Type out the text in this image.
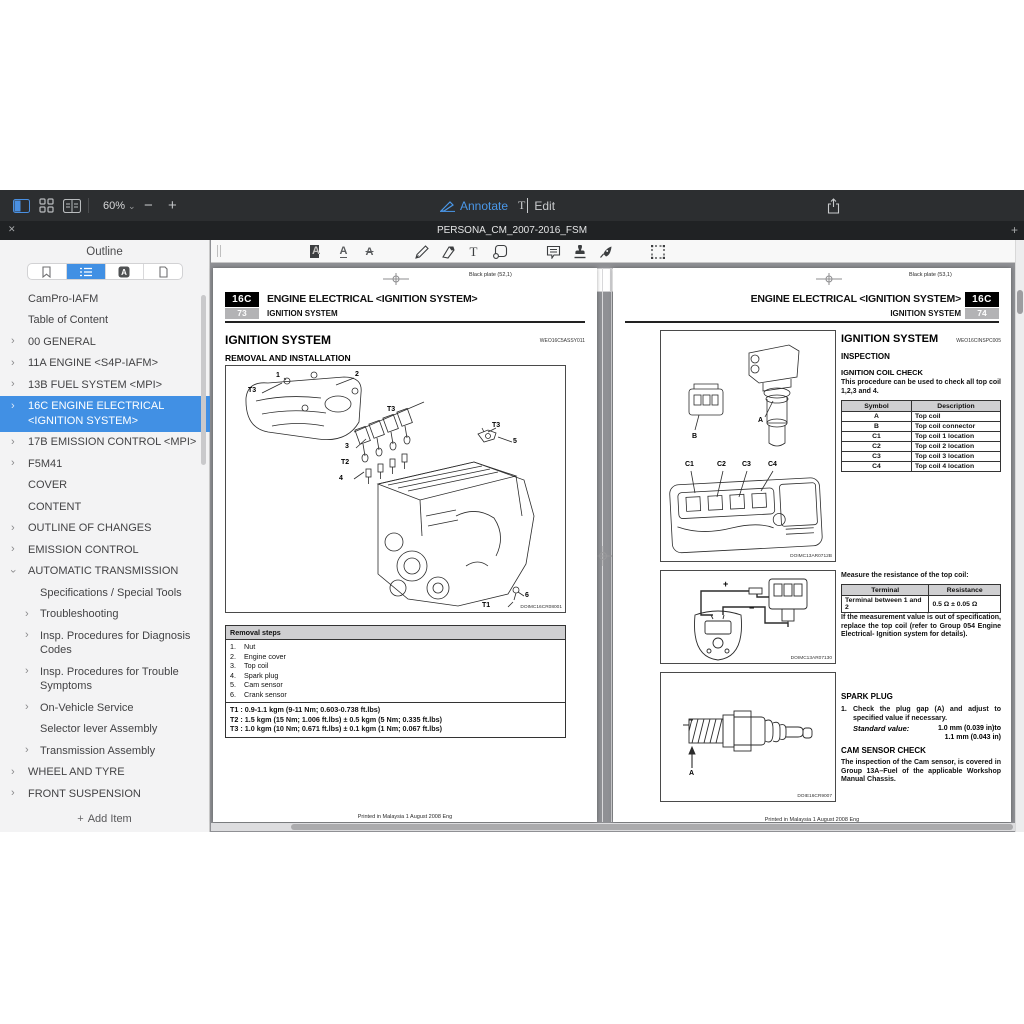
60% ⌄ − +	Annotate T Edit
✕	PERSONA_CM_2007-2016_FSM	+
Outline
A
CamPro-IAFM
Table of Content
› 00 GENERAL
› 11A ENGINE <S4P-IAFM>
› 13B FUEL SYSTEM <MPI>
› 16C ENGINE ELECTRICAL <IGNITION SYSTEM>
› 17B EMISSION CONTROL <MPI>
› F5M41
COVER
CONTENT
› OUTLINE OF CHANGES
› EMISSION CONTROL
› AUTOMATIC TRANSMISSION
Specifications / Special Tools
› Troubleshooting
› Insp. Procedures for Diagnosis Codes
› Insp. Procedures for Trouble Symptoms
› On-Vehicle Service
Selector lever Assembly
› Transmission Assembly
› WHEEL AND TYRE
› FRONT SUSPENSION
+ Add Item
A A A	T
Black plate (52,1)
16C
73
ENGINE ELECTRICAL <IGNITION SYSTEM>
IGNITION SYSTEM
IGNITION SYSTEM	WEO16C5ASSY011
REMOVAL AND INSTALLATION
1	2
T3
T3
3
T2
4
T3
5
6
T1	DOIMC16CR08001
Removal steps
1.	Nut
2.	Engine cover
3.	Top coil
4.	Spark plug
5.	Cam sensor
6.	Crank sensor
T1 : 0.9-1.1 kgm (9-11 Nm; 0.603-0.738 ft.lbs)
T2 : 1.5 kgm (15 Nm; 1.006 ft.lbs) ± 0.5 kgm (5 Nm; 0.335 ft.lbs)
T3 : 1.0 kgm (10 Nm; 0.671 ft.lbs) ± 0.1 kgm (1 Nm; 0.067 ft.lbs)
Printed in Malaysia 1 August 2008 Eng
Black plate (53,1)
16C
74
ENGINE ELECTRICAL <IGNITION SYSTEM>
IGNITION SYSTEM
B
A
C1	C2 C3 C4
DOIMC13AR0712B
+
−
DOIMC13AR07130
A
DOIE16CR9007
IGNITION SYSTEM	WEO16CINSPC005
INSPECTION
IGNITION COIL CHECK
This procedure can be used to check all top coil 1,2,3 and 4.
Symbol	Description
A	Top coil
B	Top coil connector
C1	Top coil 1 location
C2	Top coil 2 location
C3	Top coil 3 location
C4	Top coil 4 location
Measure the resistance of the top coil:
Terminal	Resistance
Terminal between 1 and 2	0.5 Ω ± 0.05 Ω
If the measurement value is out of specification, replace the top coil (refer to Group 054 Engine Electrical- Ignition system for details).
SPARK PLUG
1. Check the plug gap (A) and adjust to specified value if necessary.
Standard value:	1.0 mm (0.039 in)to
1.1 mm (0.043 in)
CAM SENSOR CHECK
The inspection of the Cam sensor, is covered in Group 13A–Fuel of the applicable Workshop Manual Chassis.
Printed in Malaysia 1 August 2008 Eng
